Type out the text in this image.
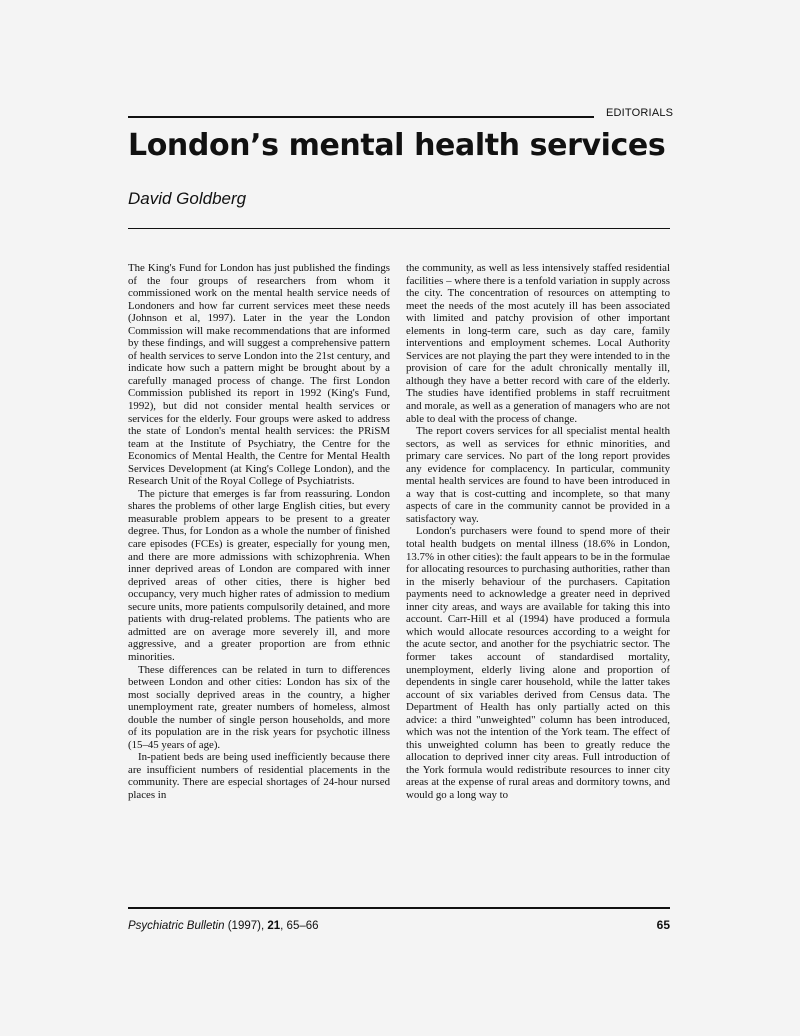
EDITORIALS
London’s mental health services
David Goldberg

The King's Fund for London has just published the findings of the four groups of researchers from whom it commissioned work on the mental health service needs of Londoners and how far current services meet these needs (Johnson et al, 1997). Later in the year the London Commission will make recommendations that are informed by these findings, and will suggest a comprehensive pattern of health services to serve London into the 21st century, and indicate how such a pattern might be brought about by a carefully managed process of change. The first London Commission published its report in 1992 (King's Fund, 1992), but did not consider mental health services or services for the elderly. Four groups were asked to address the state of London's mental health services: the PRiSM team at the Institute of Psychiatry, the Centre for the Economics of Mental Health, the Centre for Mental Health Services Development (at King's College London), and the Research Unit of the Royal College of Psychiatrists.

The picture that emerges is far from reassuring. London shares the problems of other large English cities, but every measurable problem appears to be present to a greater degree. Thus, for London as a whole the number of finished care episodes (FCEs) is greater, especially for young men, and there are more admissions with schizophrenia. When inner deprived areas of London are compared with inner deprived areas of other cities, there is higher bed occupancy, very much higher rates of admission to medium secure units, more patients compulsorily detained, and more patients with drug-related problems. The patients who are admitted are on average more severely ill, and more aggressive, and a greater proportion are from ethnic minorities.

These differences can be related in turn to differences between London and other cities: London has six of the most socially deprived areas in the country, a higher unemployment rate, greater numbers of homeless, almost double the number of single person households, and more of its population are in the risk years for psychotic illness (15–45 years of age).

In-patient beds are being used inefficiently because there are insufficient numbers of residential placements in the community. There are especial shortages of 24-hour nursed places in

the community, as well as less intensively staffed residential facilities – where there is a tenfold variation in supply across the city. The concentration of resources on attempting to meet the needs of the most acutely ill has been associated with limited and patchy provision of other important elements in long-term care, such as day care, family interventions and employment schemes. Local Authority Services are not playing the part they were intended to in the provision of care for the adult chronically mentally ill, although they have a better record with care of the elderly. The studies have identified problems in staff recruitment and morale, as well as a generation of managers who are not able to deal with the process of change.

The report covers services for all specialist mental health sectors, as well as services for ethnic minorities, and primary care services. No part of the long report provides any evidence for complacency. In particular, community mental health services are found to have been introduced in a way that is cost-cutting and incomplete, so that many aspects of care in the community cannot be provided in a satisfactory way.

London's purchasers were found to spend more of their total health budgets on mental illness (18.6% in London, 13.7% in other cities): the fault appears to be in the formulae for allocating resources to purchasing authorities, rather than in the miserly behaviour of the purchasers. Capitation payments need to acknowledge a greater need in deprived inner city areas, and ways are available for taking this into account. Carr-Hill et al (1994) have produced a formula which would allocate resources according to a weight for the acute sector, and another for the psychiatric sector. The former takes account of standardised mortality, unemployment, elderly living alone and proportion of dependents in single carer household, while the latter takes account of six variables derived from Census data. The Department of Health has only partially acted on this advice: a third "unweighted" column has been introduced, which was not the intention of the York team. The effect of this unweighted column has been to greatly reduce the allocation to deprived inner city areas. Full introduction of the York formula would redistribute resources to inner city areas at the expense of rural areas and dormitory towns, and would go a long way to

Psychiatric Bulletin (1997), 21, 65–66	65
